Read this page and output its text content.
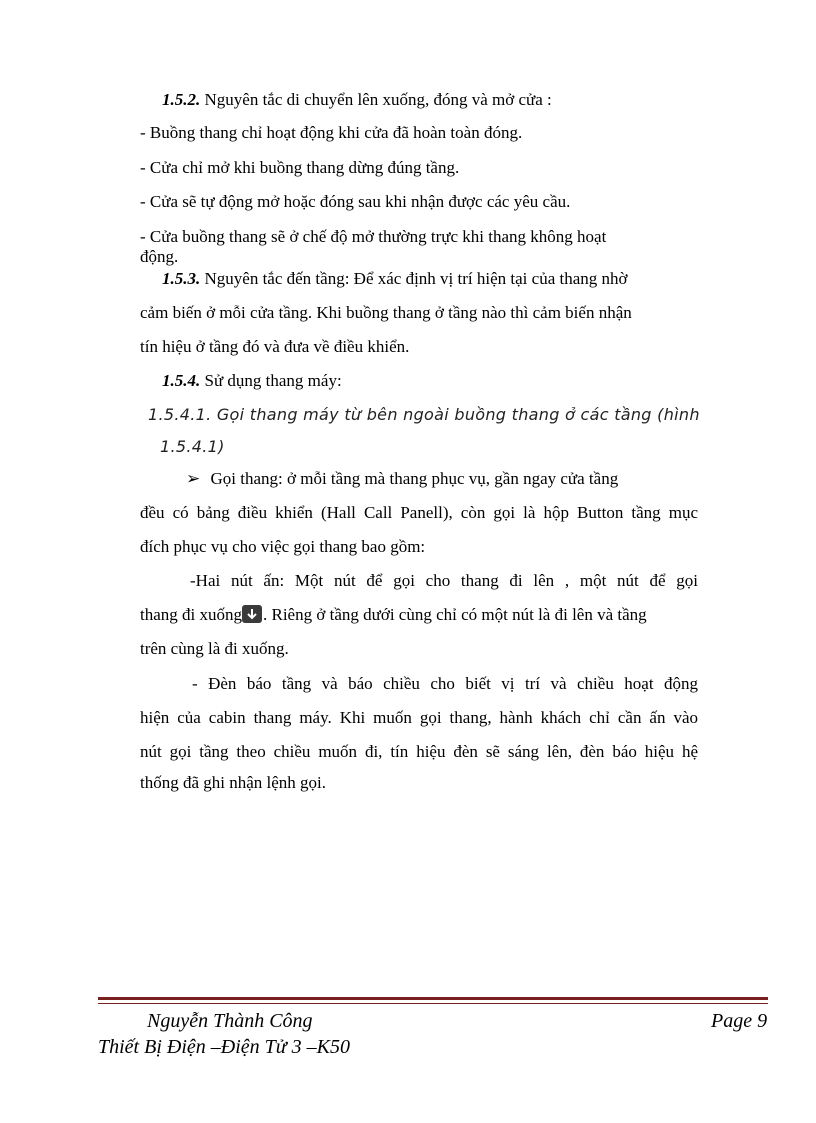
1.5.2. Nguyên tắc di chuyển lên xuống, đóng và mở cửa :
- Buồng thang chỉ hoạt động khi cửa đã hoàn toàn đóng.
- Cửa chỉ mở khi buồng thang dừng đúng tầng.
- Cửa sẽ tự động mở hoặc đóng sau khi nhận được các yêu cầu.
- Cửa buồng thang sẽ ở chế độ mở thường trực khi thang không hoạt
động.
1.5.3. Nguyên tắc đến tầng: Để xác định vị trí hiện tại của thang nhờ
cảm biến ở mỗi cửa tầng. Khi buồng thang ở tầng nào thì cảm biến nhận
tín hiệu ở tầng đó và đưa về điều khiển.
1.5.4. Sử dụng thang máy:
1.5.4.1. Gọi thang máy từ bên ngoài buồng thang ở các tầng (hình
1.5.4.1)
➢ Gọi thang: ở mỗi tầng mà thang phục vụ, gần ngay cửa tầng
đều có bảng điều khiển (Hall Call Panell), còn gọi là hộp Button tầng mục
đích phục vụ cho việc gọi thang bao gồm:
-Hai nút ấn: Một nút để gọi cho thang đi lên , một nút để gọi
thang đi xuống . Riêng ở tầng dưới cùng chỉ có một nút là đi lên và tầng
trên cùng là đi xuống.
- Đèn báo tầng và báo chiều cho biết vị trí và chiều hoạt động
hiện của cabin thang máy. Khi muốn gọi thang, hành khách chỉ cần ấn vào
nút gọi tầng theo chiều muốn đi, tín hiệu đèn sẽ sáng lên, đèn báo hiệu hệ
thống đã ghi nhận lệnh gọi.
Nguyễn Thành Công	Page 9
Thiết Bị Điện –Điện Tử 3 –K50
